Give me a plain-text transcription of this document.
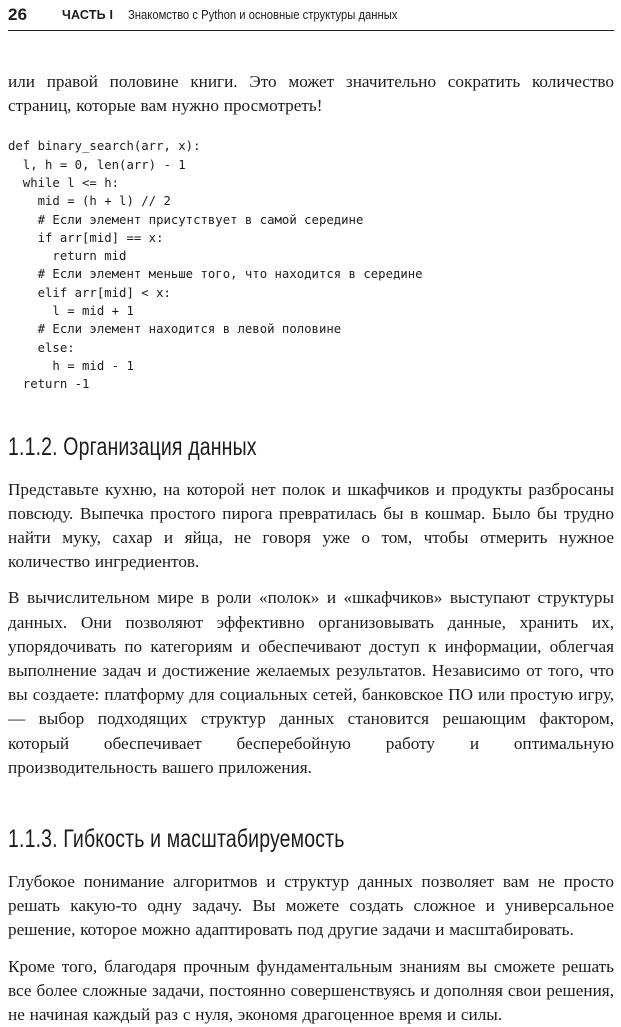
26	ЧАСТЬ I Знакомство с Python и основные структуры данных

или правой половине книги. Это может значительно сократить количество страниц, которые вам нужно просмотреть!

def binary_search(arr, x):
l, h = 0, len(arr) - 1
while l <= h:
mid = (h + l) // 2
# Если элемент присутствует в самой середине
if arr[mid] == x:
return mid
# Если элемент меньше того, что находится в середине
elif arr[mid] < x:
l = mid + 1
# Если элемент находится в левой половине
else:
h = mid - 1
return -1
1.1.2. Организация данных

Представьте кухню, на которой нет полок и шкафчиков и продукты разбросаны повсюду. Выпечка простого пирога превратилась бы в кошмар. Было бы трудно найти муку, сахар и яйца, не говоря уже о том, чтобы отмерить нужное количество ингредиентов.

В вычислительном мире в роли «полок» и «шкафчиков» выступают структуры данных. Они позволяют эффективно организовывать данные, хранить их, упорядочивать по категориям и обеспечивают доступ к информации, облегчая выполнение задач и достижение желаемых результатов. Независимо от того, что вы создаете: платформу для социальных сетей, банковское ПО или простую игру, — выбор подходящих структур данных становится решающим фактором, который обеспечивает бесперебойную работу и оптимальную производительность вашего приложения.

1.1.3. Гибкость и масштабируемость

Глубокое понимание алгоритмов и структур данных позволяет вам не просто решать какую-то одну задачу. Вы можете создать сложное и универсальное решение, которое можно адаптировать под другие задачи и масштабировать.

Кроме того, благодаря прочным фундаментальным знаниям вы сможете решать все более сложные задачи, постоянно совершенствуясь и дополняя свои решения, не начиная каждый раз с нуля, экономя драгоценное время и силы.
